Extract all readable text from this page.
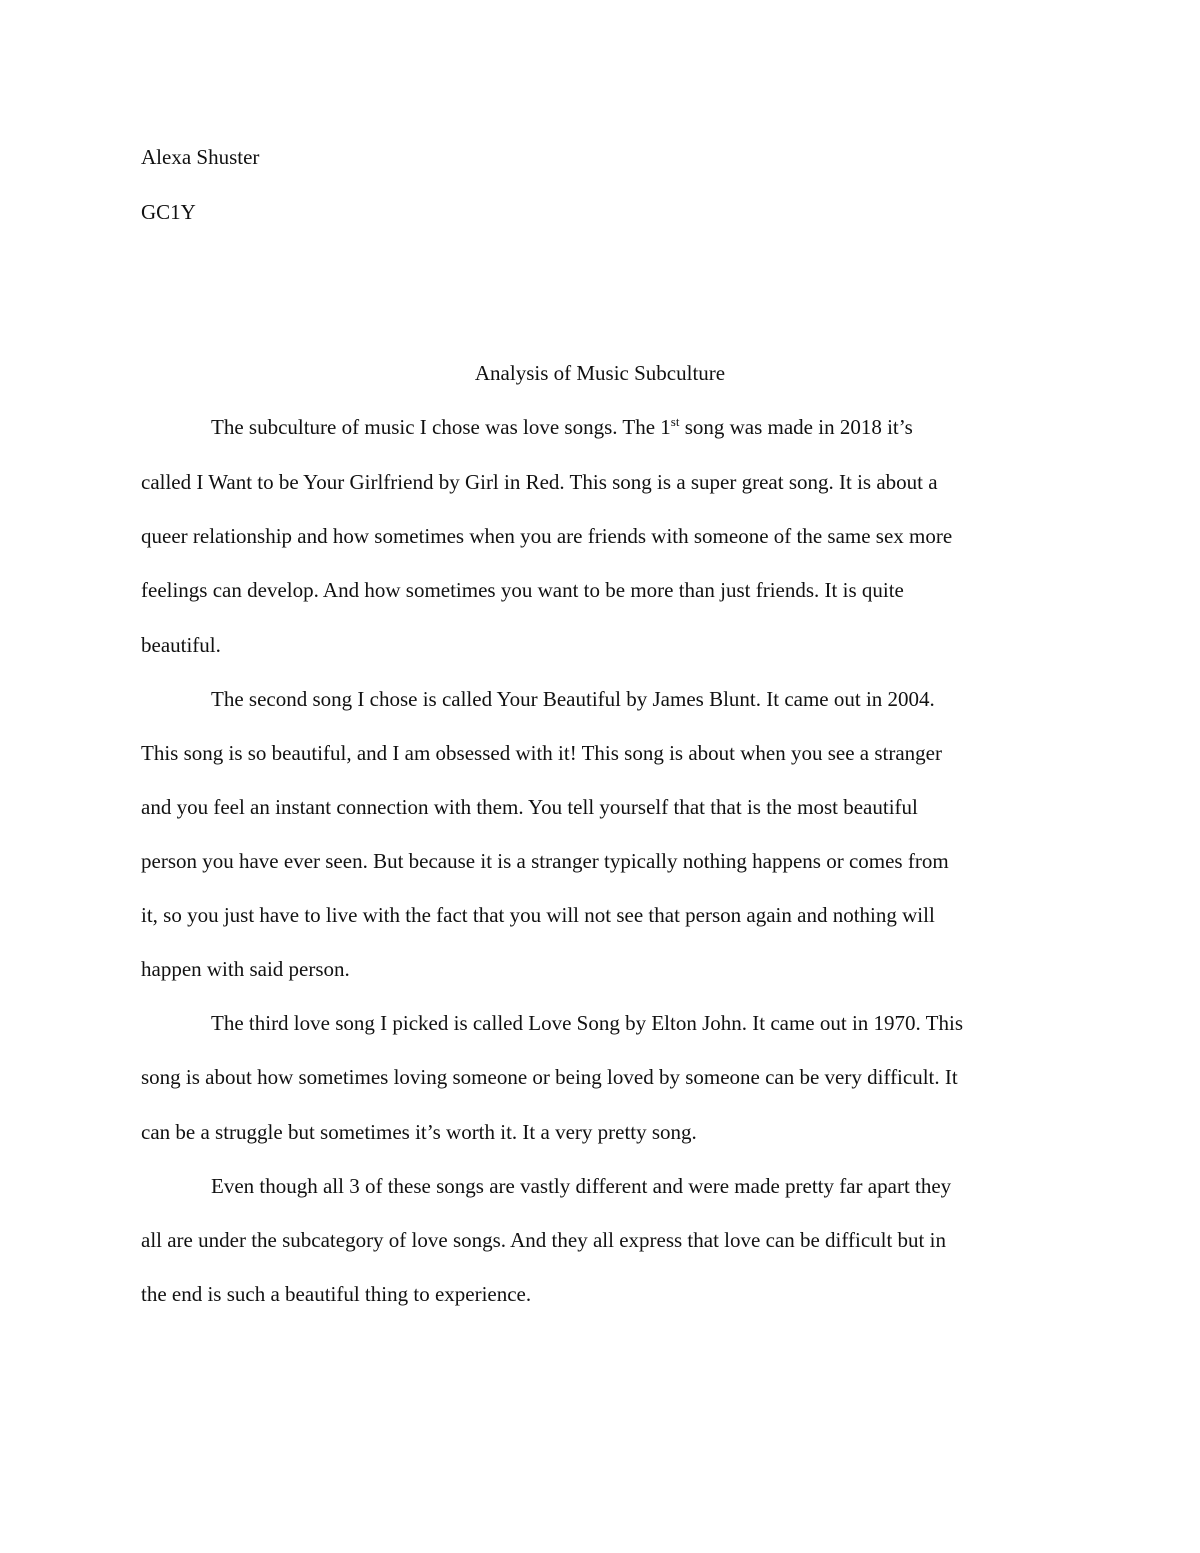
Alexa Shuster
GC1Y
Analysis of Music Subculture
The subculture of music I chose was love songs. The 1st song was made in 2018 it’s
called I Want to be Your Girlfriend by Girl in Red. This song is a super great song. It is about a
queer relationship and how sometimes when you are friends with someone of the same sex more
feelings can develop. And how sometimes you want to be more than just friends. It is quite
beautiful.
The second song I chose is called Your Beautiful by James Blunt. It came out in 2004.
This song is so beautiful, and I am obsessed with it! This song is about when you see a stranger
and you feel an instant connection with them. You tell yourself that that is the most beautiful
person you have ever seen. But because it is a stranger typically nothing happens or comes from
it, so you just have to live with the fact that you will not see that person again and nothing will
happen with said person.
The third love song I picked is called Love Song by Elton John. It came out in 1970. This
song is about how sometimes loving someone or being loved by someone can be very difficult. It
can be a struggle but sometimes it’s worth it. It a very pretty song.
Even though all 3 of these songs are vastly different and were made pretty far apart they
all are under the subcategory of love songs. And they all express that love can be difficult but in
the end is such a beautiful thing to experience.
